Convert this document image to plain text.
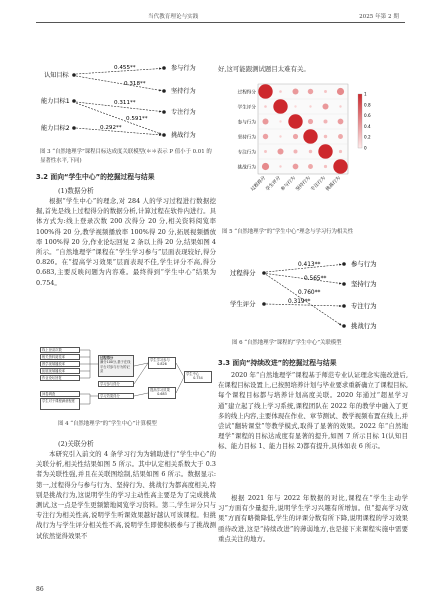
当代教育理论与实践	2025 年第 2 期
认知目标
能力目标1
能力目标2
参与行为
坚持行为
专注行为
挑战行为
0.455**
0.318**
0.311**
0.591**
0.292**
图 3 “自然地理学”课程目标达成度关联模型(＊＊表示 P 值小于 0.01 的显著性水平,下同)
3.2 面向“学生中心”的挖掘过程与结果
(1)数据分析
根据“学生中心”的理念,对 284 人的学习过程进行数据挖掘,首先是线上过程得分的数据分析,计算过程在软件内进行。具体方式为:线上登录次数 200 次得分 20 分,相关资料阅览率 100%得 20 分,教学视频播放率 100%得 20 分,拓展视频播放率 100%得 20 分,作业论坛回复 2 条以上得 20 分,结果如图 4 所示。“自然地理学”课程在“学生学习参与”层面表现较好,得分 0.826。在“提高学习效果”层面表现不佳,学生评分不高,得分0.683,主要反映问题为内容难。最终得到“学生中心”结果为 0.754。
线上登录次数
相关资料阅览率
教学视频播放率
拓展视频播放率
作业论坛回复
问卷调查
学生对于课程满意程度
过程得分
满分100分,基于在线平台对参与行为的记录
学习参与得分
学习效果得分
学生学习参与
0.826
提高学习效果
0.683
学生中心
0.754
图 4 “自然地理学”的“学生中心”计算模型
(2)关联分析
本研究引入前文的 4 条学习行为为辅助进行“学生中心”的关联分析,相关性结果如图 5 所示。其中认定相关系数大于 0.3 者为关联性强,并且在关联图绘制,结果如图 6 所示。数据显示:第一,过程得分与参与行为、坚持行为、挑战行为都高度相关,特别是挑战行为,这说明学生的学习主动性高主要是为了完成挑战测试,这一点是学生更频繁地阅览学习资料。第二,学生评分只与专注行为相关性高,说明学生听课效果越好越认可该课程。但挑战行为与学生评分相关性不高,说明学生即使积极参与了挑战测试依然觉得效果不
86
好,这可能跟测试题目太难有关。
过程得分
过程得分
学生评分
学生评分
参与行为
参与行为
坚持行为
坚持行为
专注行为
专注行为
挑战行为
挑战行为
1
0.8
0.6
0.4
0.2
0
图 5 “自然地理学”的“学生中心”理念与学习行为相关性
过程得分
学生评分
参与行为
坚持行为
专注行为
挑战行为
0.413**
0.565**
0.760**
0.319**
图 6 “自然地理学”课程的“学生中心”关联模型
3.3 面向“持续改进”的挖掘过程与结果
2020 年“自然地理学”课程基于师范专业认证理念实施改进后,在课程目标设置上,已按照培养计划与毕业要求重新确立了课程目标,每个课程目标都与培养计划高度关联。2020 年通过“超星学习通”建立起了线上学习系统,课程团队在 2022 年的教学中融入了更多的线上内容,主要体现在作业、章节测试、教学视频布置在线上,并尝试“翻转课堂”等教学模式,取得了显著的效果。2022 年“自然地理学”课程的目标达成度有显著的提升,如图 7 所示目标 1(认知目标、能力目标 1、能力目标 2)都有提升,具体如表 6 所示。
根据 2021 年与 2022 年数据的对比,课程在“学生主动学习”方面有少量提升,说明学生学习兴趣有所增加。但“提高学习效果”方面有略微降低,学生的评课分数有所下降,说明课程的学习效果亟待改进,这是“持续改进”的薄弱地方,也是接下来课程实施中需要重点关注的地方。
